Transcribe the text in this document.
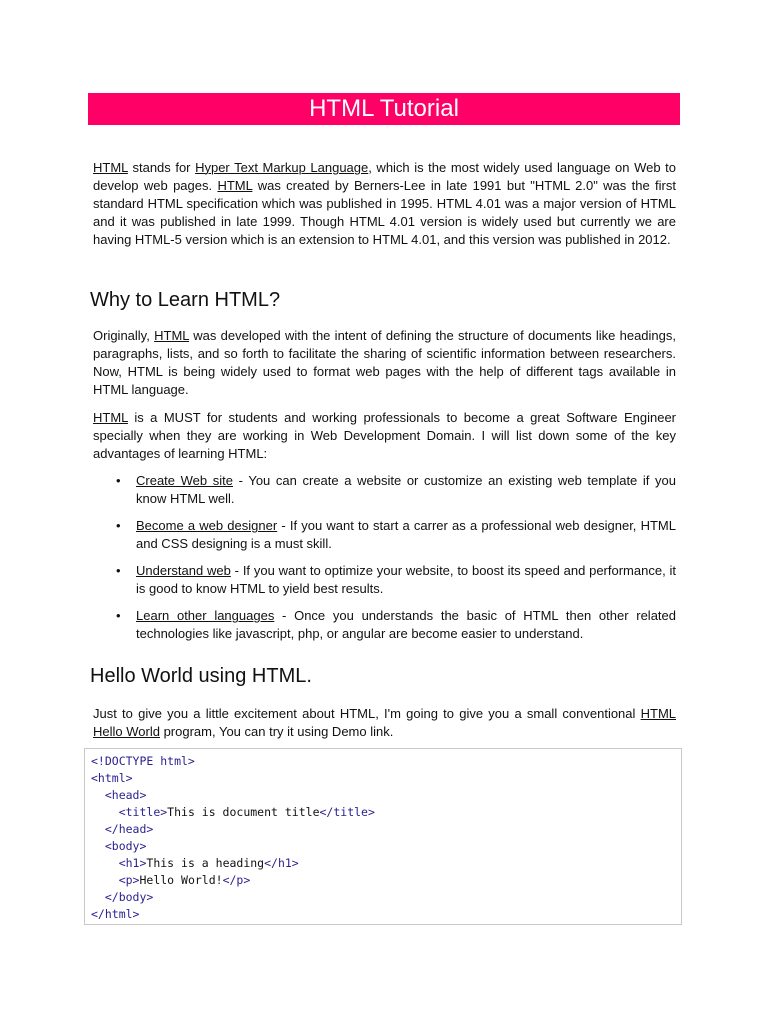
HTML Tutorial

HTML stands for Hyper Text Markup Language, which is the most widely used language on Web to develop web pages. HTML was created by Berners-Lee in late 1991 but "HTML 2.0" was the first standard HTML specification which was published in 1995. HTML 4.01 was a major version of HTML and it was published in late 1999. Though HTML 4.01 version is widely used but currently we are having HTML-5 version which is an extension to HTML 4.01, and this version was published in 2012.

Why to Learn HTML?

Originally, HTML was developed with the intent of defining the structure of documents like headings, paragraphs, lists, and so forth to facilitate the sharing of scientific information between researchers. Now, HTML is being widely used to format web pages with the help of different tags available in HTML language.

HTML is a MUST for students and working professionals to become a great Software Engineer specially when they are working in Web Development Domain. I will list down some of the key advantages of learning HTML:

• Create Web site - You can create a website or customize an existing web template if you know HTML well.
• Become a web designer - If you want to start a carrer as a professional web designer, HTML and CSS designing is a must skill.
• Understand web - If you want to optimize your website, to boost its speed and performance, it is good to know HTML to yield best results.
• Learn other languages - Once you understands the basic of HTML then other related technologies like javascript, php, or angular are become easier to understand.
Hello World using HTML.

Just to give you a little excitement about HTML, I'm going to give you a small conventional HTML Hello World program, You can try it using Demo link.

<!DOCTYPE html>
<html>
<head>
<title>This is document title</title>
</head>
<body>
<h1>This is a heading</h1>
<p>Hello World!</p>
</body>
</html>
